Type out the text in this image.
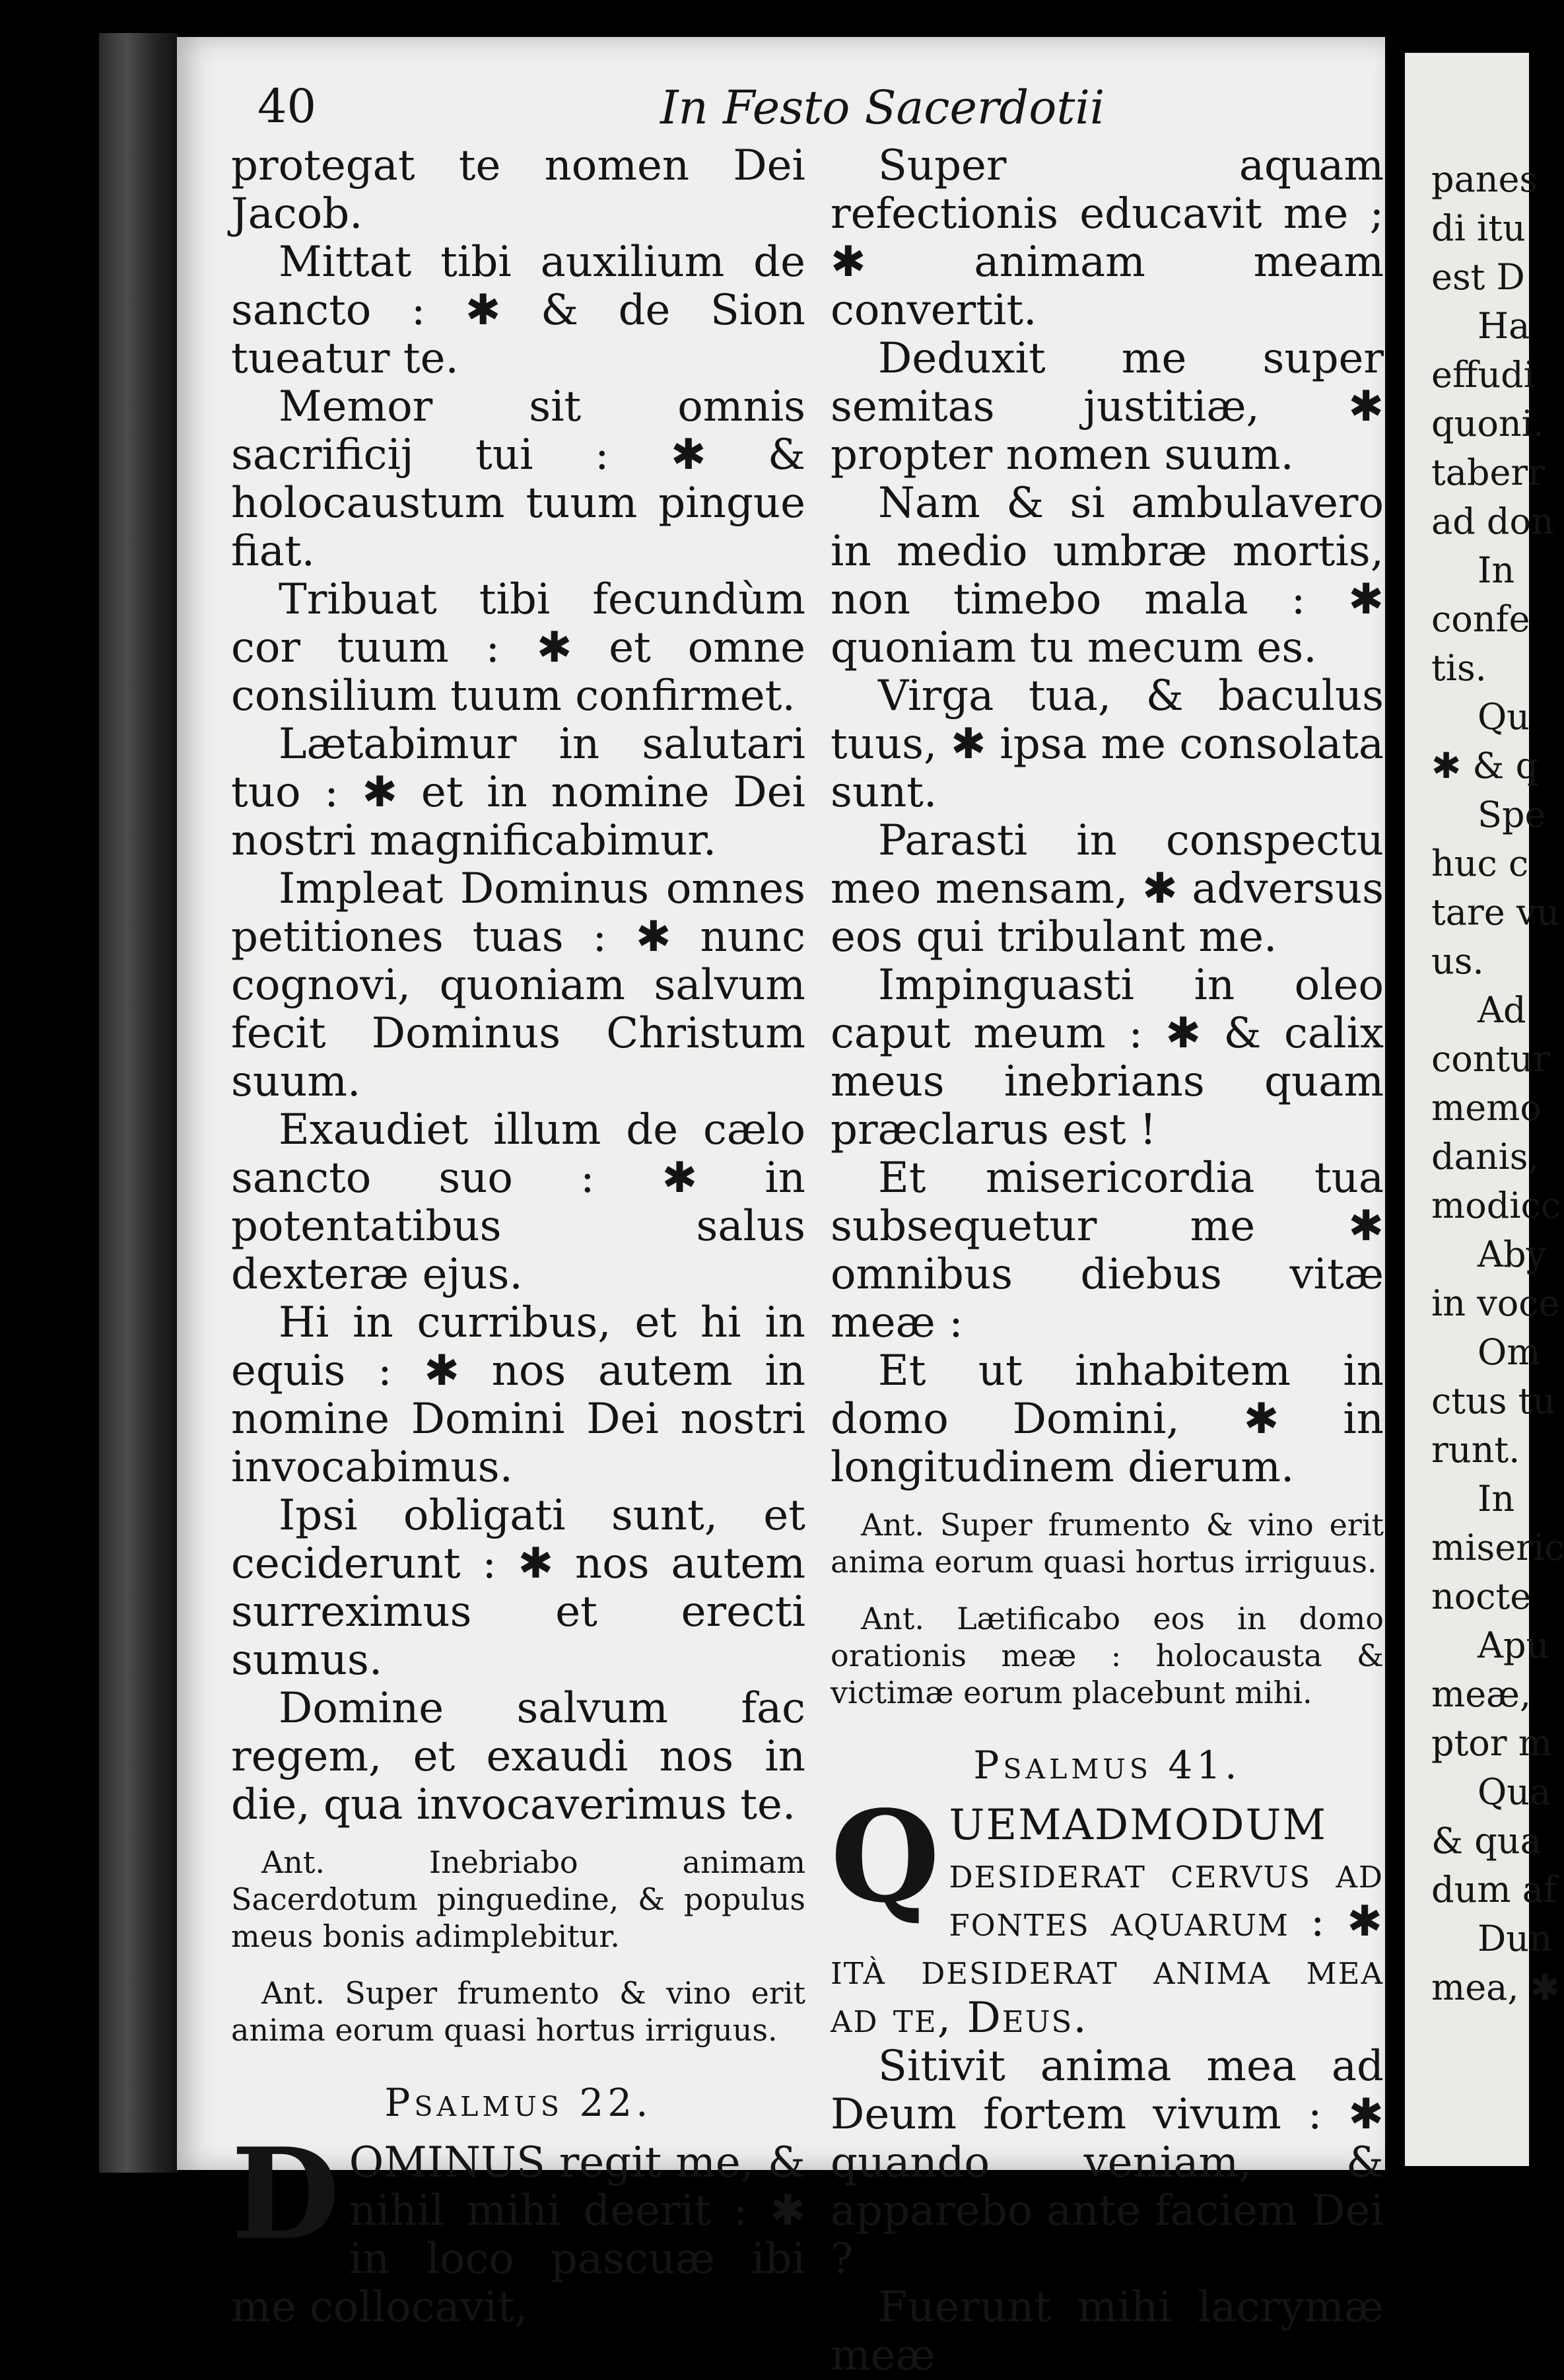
40	In Festo Sacerdotii

protegat te nomen Dei Jacob.

Mittat tibi auxilium de sancto : ✱ & de Sion tueatur te.

Memor sit omnis sacrificij tui : ✱ & holocaustum tuum pingue fiat.

Tribuat tibi fecundùm cor tuum : ✱ et omne consilium tuum confirmet.

Lætabimur in salutari tuo : ✱ et in nomine Dei nostri magnificabimur.

Impleat Dominus omnes petitiones tuas : ✱ nunc cognovi, quoniam salvum fecit Dominus Christum suum.

Exaudiet illum de cælo sancto suo : ✱ in potentatibus salus dexteræ ejus.

Hi in curribus, et hi in equis : ✱ nos autem in nomine Domini Dei nostri invocabimus.

Ipsi obligati sunt, et ceciderunt : ✱ nos autem surreximus et erecti sumus.

Domine salvum fac regem, et exaudi nos in die, qua invocaverimus te.

Ant. Inebriabo animam Sacerdotum pinguedine, & populus meus bonis adimplebitur.

Ant. Super frumento & vino erit anima eorum quasi hortus irriguus.

Psalmus 22.

D OMINUS regit me, & nihil mihi deerit : ✱ in loco pascuæ ibi me collocavit,

Super aquam refectionis educavit me ; ✱ animam meam convertit.

Deduxit me super semitas justitiæ, ✱ propter nomen suum.

Nam & si ambulavero in medio umbræ mortis, non timebo mala : ✱ quoniam tu mecum es.

Virga tua, & baculus tuus, ✱ ipsa me consolata sunt.

Parasti in conspectu meo mensam, ✱ adversus eos qui tribulant me.

Impinguasti in oleo caput meum : ✱ & calix meus inebrians quam præclarus est !

Et misericordia tua subsequetur me ✱ omnibus diebus vitæ meæ :

Et ut inhabitem in domo Domini, ✱ in longitudinem dierum.

Ant. Super frumento & vino erit anima eorum quasi hortus irriguus.

Ant. Lætificabo eos in domo orationis meæ : holocausta & victimæ eorum placebunt mihi.

Psalmus 41.

Q UEMADMODUM desiderat cervus ad fontes aquarum : ✱ ità desiderat anima mea ad te, Deus.

Sitivit anima mea ad Deum fortem vivum : ✱ quando veniam, & apparebo ante faciem Dei ?

Fuerunt mihi lacrymæ meæ

panes
di itu
est D
Ha
effudi
quoni.
taberr
ad don
In
confe
tis.
Qu
✱ & q
Spe
huc c
tare vu
us.
Ad
contur
memo
danis,
modicc
Aby
in voce
Om
ctus tu
runt.
In
miseric
nocte
Apu
meæ,
ptor m
Qua
& qua
dum af
Dun
mea, ✱
